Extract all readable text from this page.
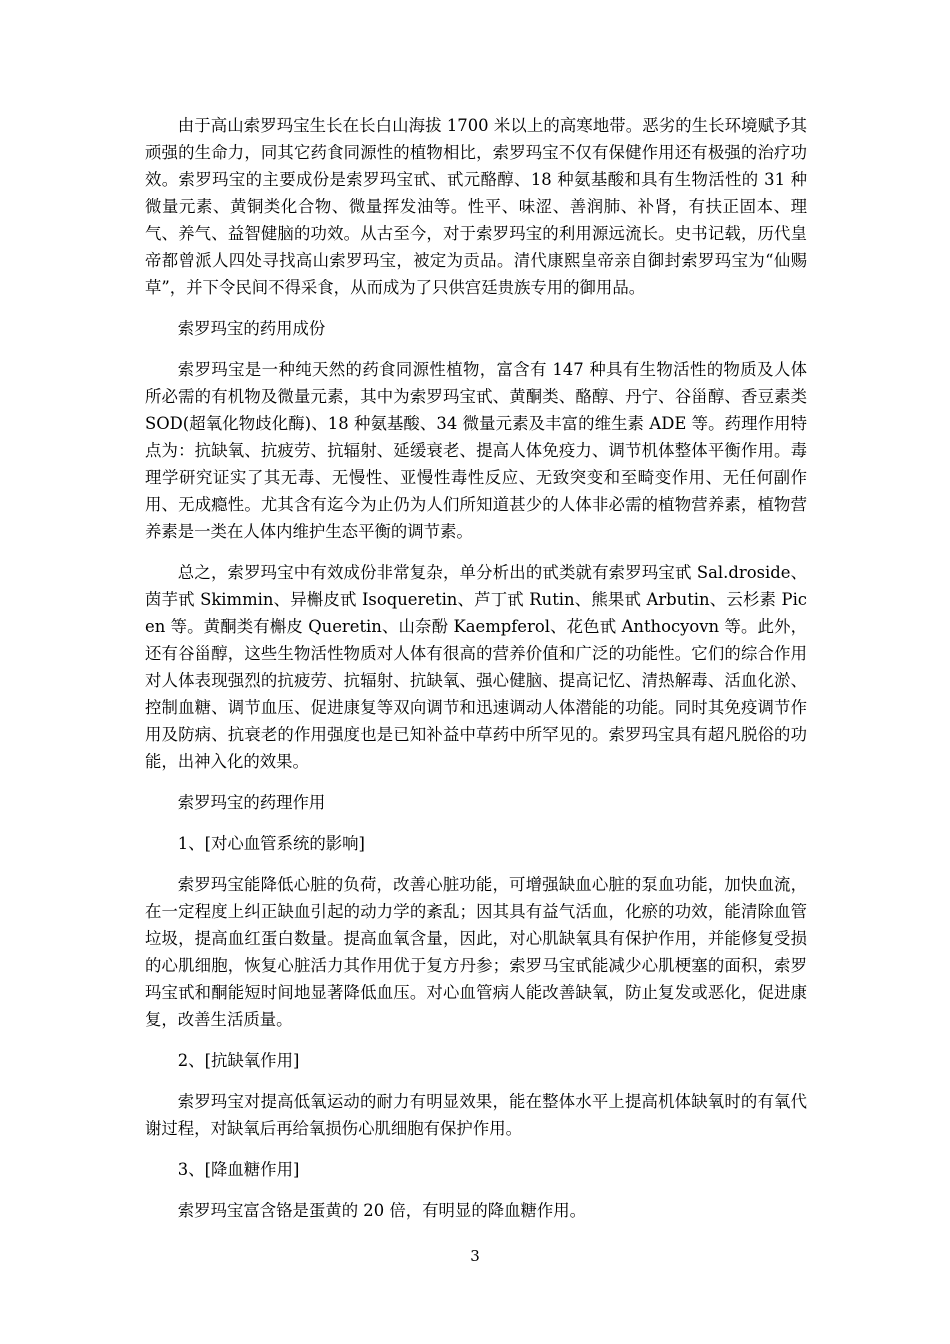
由于高山索罗玛宝生长在长白山海拔 1700 米以上的高寒地带。恶劣的生长环境赋予其顽强的生命力，同其它药食同源性的植物相比，索罗玛宝不仅有保健作用还有极强的治疗功效。索罗玛宝的主要成份是索罗玛宝甙、甙元酪醇、18 种氨基酸和具有生物活性的 31 种微量元素、黄铜类化合物、微量挥发油等。性平、味涩、善润肺、补肾，有扶正固本、理气、养气、益智健脑的功效。从古至今，对于索罗玛宝的利用源远流长。史书记载，历代皇帝都曾派人四处寻找高山索罗玛宝，被定为贡品。清代康熙皇帝亲自御封索罗玛宝为“仙赐草”，并下令民间不得采食，从而成为了只供宫廷贵族专用的御用品。

索罗玛宝的药用成份

索罗玛宝是一种纯天然的药食同源性植物，富含有 147 种具有生物活性的物质及人体所必需的有机物及微量元素，其中为索罗玛宝甙、黄酮类、酪醇、丹宁、谷甾醇、香豆素类 SOD(超氧化物歧化酶)、18 种氨基酸、34 微量元素及丰富的维生素 ADE 等。药理作用特点为：抗缺氧、抗疲劳、抗辐射、延缓衰老、提高人体免疫力、调节机体整体平衡作用。毒理学研究证实了其无毒、无慢性、亚慢性毒性反应、无致突变和至畸变作用、无任何副作用、无成瘾性。尤其含有迄今为止仍为人们所知道甚少的人体非必需的植物营养素，植物营养素是一类在人体内维护生态平衡的调节素。

总之，索罗玛宝中有效成份非常复杂，单分析出的甙类就有索罗玛宝甙 Sal.droside、茵芋甙 Skimmin、异槲皮甙 Isoqueretin、芦丁甙 Rutin、熊果甙 Arbutin、云杉素 Picen 等。黄酮类有槲皮 Queretin、山奈酚 Kaempferol、花色甙 Anthocyovn 等。此外，还有谷甾醇，这些生物活性物质对人体有很高的营养价值和广泛的功能性。它们的综合作用对人体表现强烈的抗疲劳、抗辐射、抗缺氧、强心健脑、提高记忆、清热解毒、活血化淤、控制血糖、调节血压、促进康复等双向调节和迅速调动人体潜能的功能。同时其免疫调节作用及防病、抗衰老的作用强度也是已知补益中草药中所罕见的。索罗玛宝具有超凡脱俗的功能，出神入化的效果。

索罗玛宝的药理作用

1、[对心血管系统的影响]

索罗玛宝能降低心脏的负荷，改善心脏功能，可增强缺血心脏的泵血功能，加快血流，在一定程度上纠正缺血引起的动力学的紊乱；因其具有益气活血，化瘀的功效，能清除血管垃圾，提高血红蛋白数量。提高血氧含量，因此，对心肌缺氧具有保护作用，并能修复受损的心肌细胞，恢复心脏活力其作用优于复方丹参；索罗马宝甙能减少心肌梗塞的面积，索罗玛宝甙和酮能短时间地显著降低血压。对心血管病人能改善缺氧，防止复发或恶化，促进康复，改善生活质量。

2、[抗缺氧作用]

索罗玛宝对提高低氧运动的耐力有明显效果，能在整体水平上提高机体缺氧时的有氧代谢过程，对缺氧后再给氧损伤心肌细胞有保护作用。

3、[降血糖作用]

索罗玛宝富含铬是蛋黄的 20 倍，有明显的降血糖作用。

3
